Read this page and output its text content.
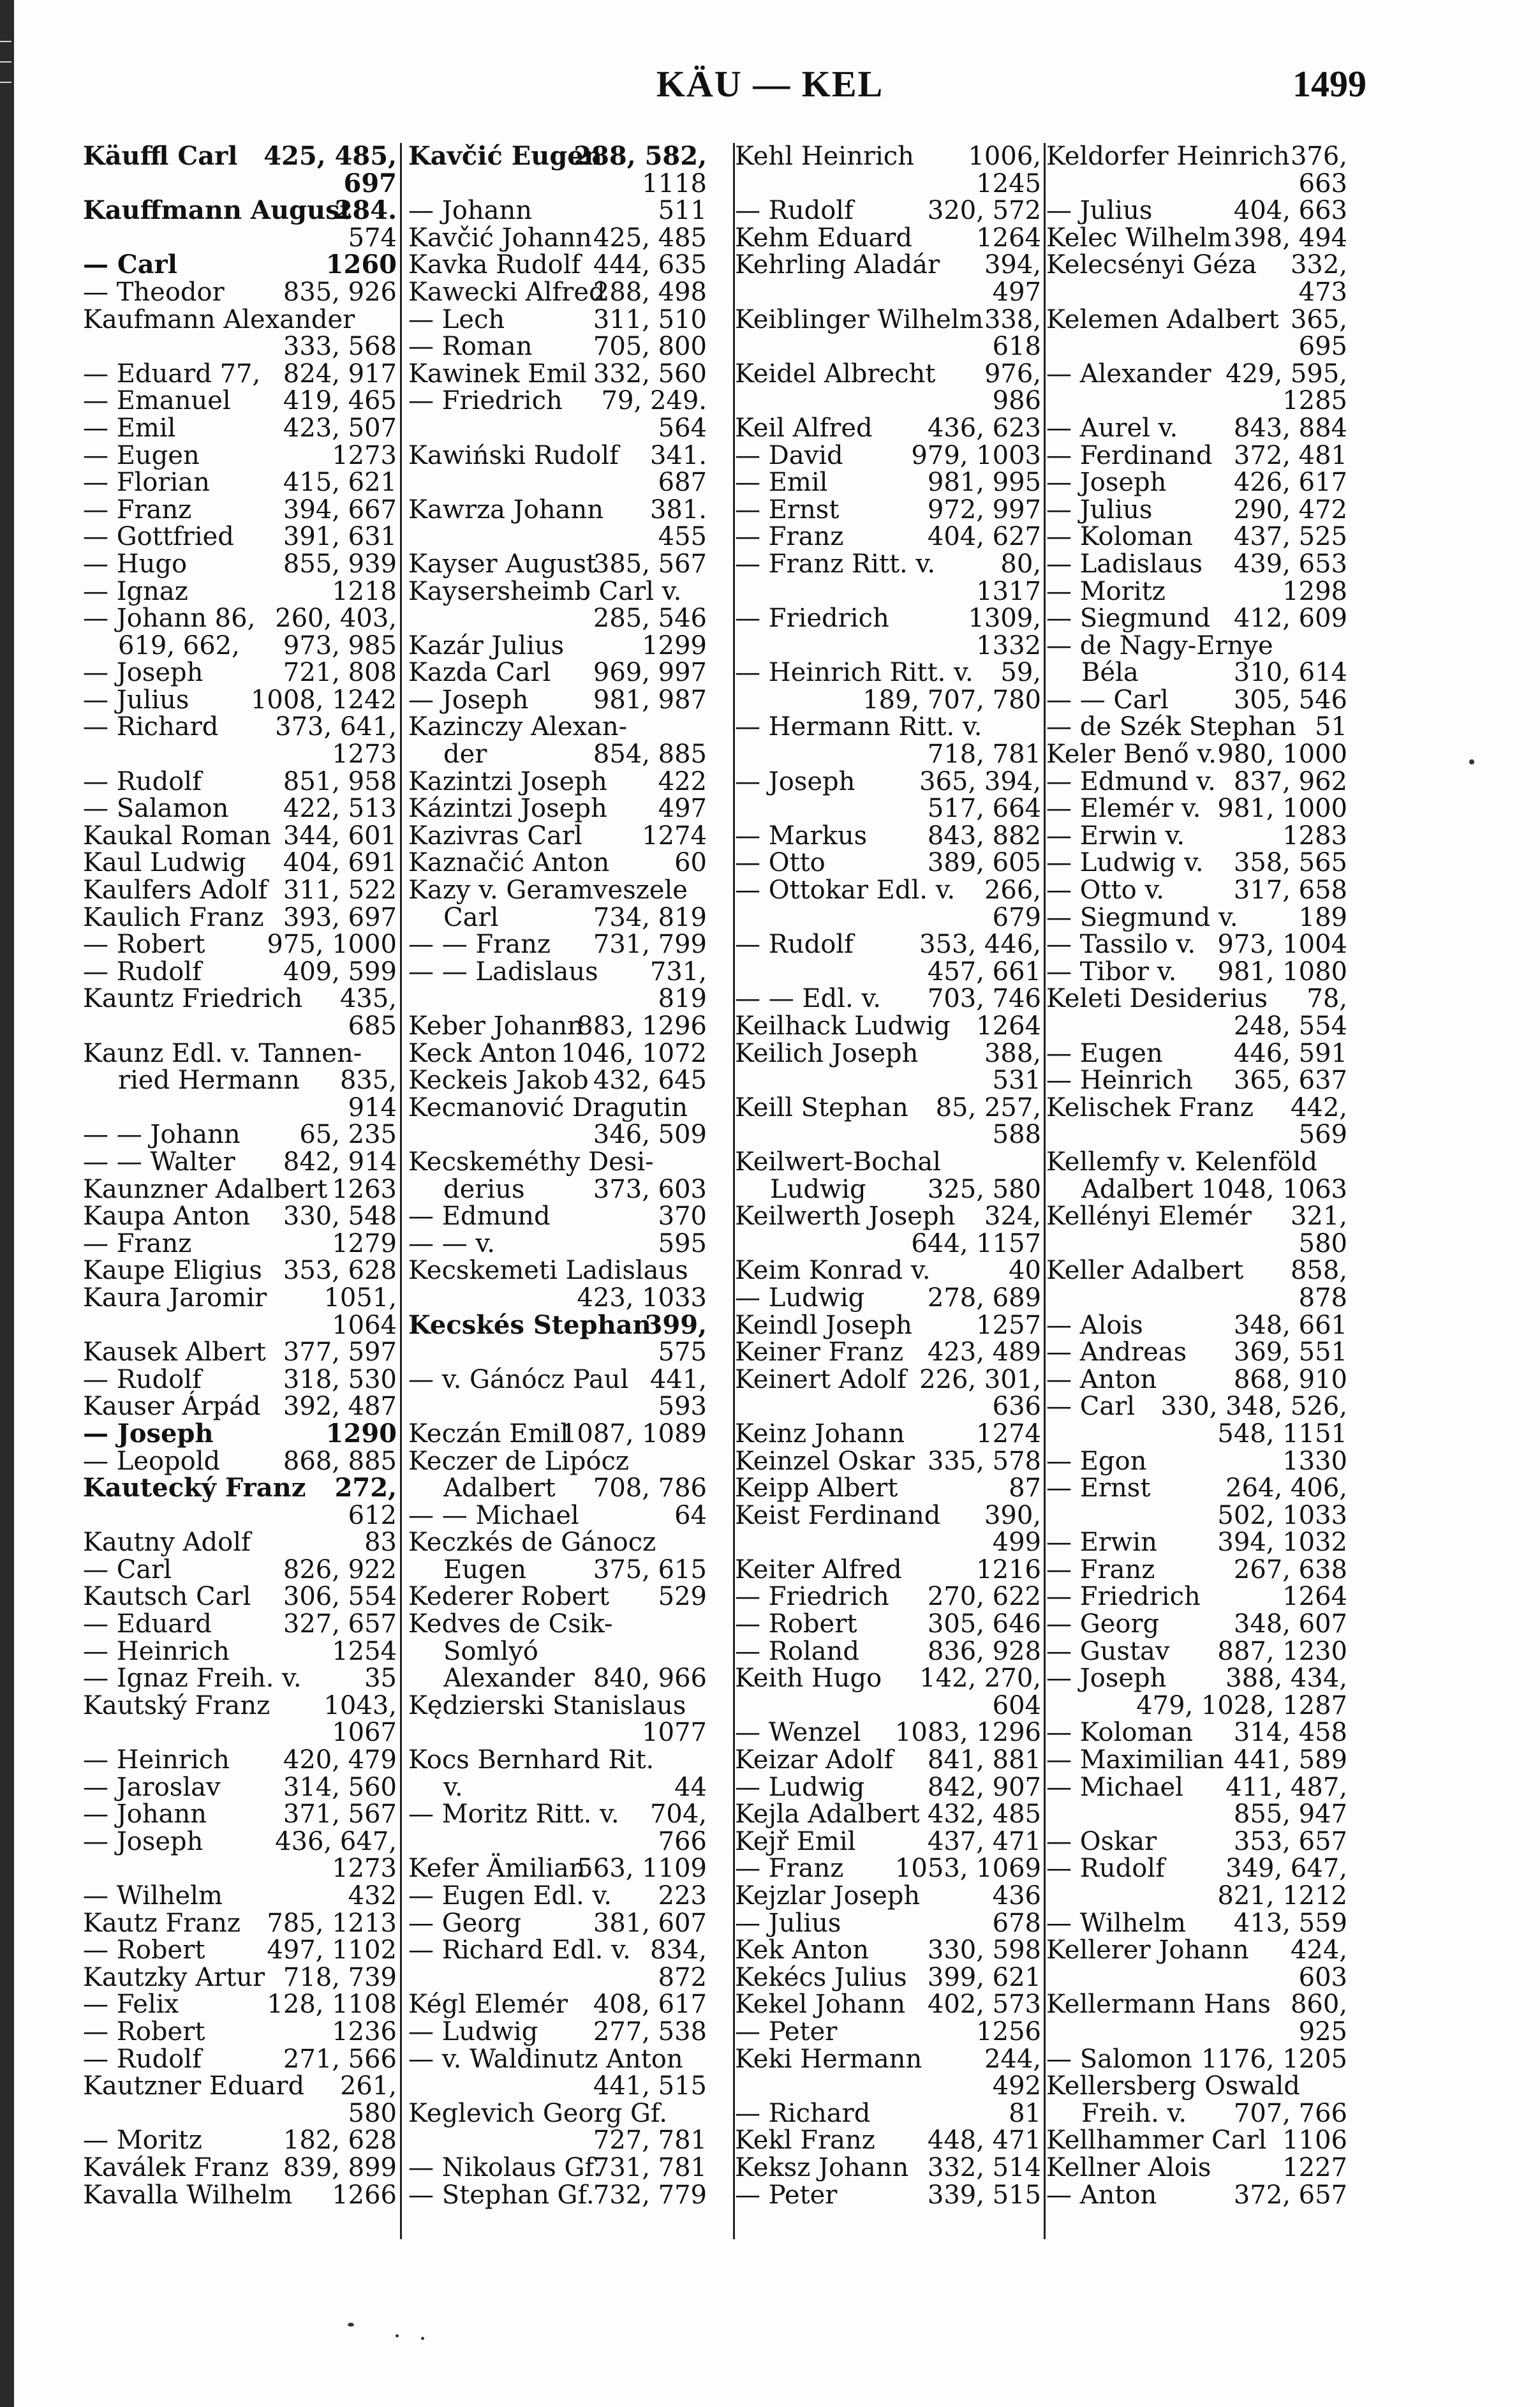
KÄU — KEL	1499
Käuffl Carl 425, 485,
697
Kauffmann August
284.
574
— Carl	1260
— Theodor 835, 926
Kaufmann Alexander
333, 568
— Eduard 77, 824, 917
— Emanuel 419, 465
— Emil	423, 507
— Eugen	1273
— Florian	415, 621
— Franz	394, 667
— Gottfried 391, 631
— Hugo	855, 939
— Ignaz	1218
— Johann 86, 260, 403,
619, 662, 973, 985
— Joseph	721, 808
— Julius 1008, 1242
— Richard 373, 641,
1273
— Rudolf	851, 958
— Salamon 422, 513
Kaukal Roman 344, 601
Kaul Ludwig 404, 691
Kaulfers Adolf 311, 522
Kaulich Franz 393, 697
— Robert 975, 1000
— Rudolf	409, 599
Kauntz Friedrich 435,
685
Kaunz Edl. v. Tannen-
ried Hermann 835,
914
— — Johann 65, 235
— — Walter 842, 914
Kaunzner Adalbert 1263
Kaupa Anton 330, 548
— Franz	1279
Kaupe Eligius 353, 628
Kaura Jaromir 1051,
1064
Kausek Albert 377, 597
— Rudolf	318, 530
Kauser Árpád 392, 487
— Joseph	1290
— Leopold 868, 885
Kautecký Franz 272,
612
Kautny Adolf	83
— Carl	826, 922
Kautsch Carl 306, 554
— Eduard	327, 657
— Heinrich	1254
— Ignaz Freih. v. 35
Kautský Franz 1043,
1067
— Heinrich 420, 479
— Jaroslav 314, 560
— Johann	371, 567
— Joseph	436, 647,
1273
— Wilhelm	432
Kautz Franz 785, 1213
— Robert 497, 1102
Kautzky Artur 718, 739
— Felix	128, 1108
— Robert	1236
— Rudolf	271, 566
Kautzner Eduard 261,
580
— Moritz	182, 628
Kaválek Franz 839, 899
Kavalla Wilhelm 1266
Kavčić Eugen
288, 582,
1118
— Johann	511
Kavčić Johann 425, 485
Kavka Rudolf 444, 635
Kawecki Alfred
288, 498
— Lech	311, 510
— Roman 705, 800
Kawinek Emil 332, 560
— Friedrich 79, 249.
564
Kawiński Rudolf 341.
687
Kawrza Johann 381.
455
Kayser August
385, 567
Kaysersheimb Carl v.
285, 546
Kazár Julius	1299
Kazda Carl 969, 997
— Joseph	981, 987
Kazinczy Alexan-
der	854, 885
Kazintzi Joseph 422
Kázintzi Joseph 497
Kazivras Carl 1274
Kaznačić Anton	60
Kazy v. Geramveszele
Carl	734, 819
— — Franz 731, 799
— — Ladislaus 731,
819
Keber Johann
883, 1296
Keck Anton 1046, 1072
Keckeis Jakob 432, 645
Kecmanović Dragutin
346, 509
Kecskeméthy Desi-
derius	373, 603
— Edmund	370
— — v.	595
Kecskemeti Ladislaus
423, 1033
Kecskés Stephan
399,
575
— v. Gánócz Paul 441,
593
Keczán Emil
1087, 1089
Keczer de Lipócz
Adalbert 708, 786
— — Michael	64
Keczkés de Gánocz
Eugen	375, 615
Kederer Robert 529
Kedves de Csik-
Somlyó
Alexander 840, 966
Kędzierski Stanislaus
1077
Kocs Bernhard Rit.
v.	44
— Moritz Ritt. v. 704,
766
Kefer Ämilian
563, 1109
— Eugen Edl. v. 223
— Georg	381, 607
— Richard Edl. v. 834,
872
Kégl Elemér 408, 617
— Ludwig 277, 538
— v. Waldinutz Anton
441, 515
Keglevich Georg Gf.
727, 781
— Nikolaus Gf.
731, 781
— Stephan Gf.
732, 779
Kehl Heinrich 1006,
1245
— Rudolf	320, 572
Kehm Eduard	1264
Kehrling Aladár 394,
497
Keiblinger Wilhelm 338,
618
Keidel Albrecht 976,
986
Keil Alfred 436, 623
— David	979, 1003
— Emil	981, 995
— Ernst	972, 997
— Franz	404, 627
— Franz Ritt. v.	80,
1317
— Friedrich	1309,
1332
— Heinrich Ritt. v. 59,
189, 707, 780
— Hermann Ritt. v.
718, 781
— Joseph	365, 394,
517, 664
— Markus 843, 882
— Otto	389, 605
— Ottokar Edl. v. 266,
679
— Rudolf	353, 446,
457, 661
— — Edl. v. 703, 746
Keilhack Ludwig 1264
Keilich Joseph	388,
531
Keill Stephan 85, 257,
588
Keilwert-Bochal
Ludwig 325, 580
Keilwerth Joseph 324,
644, 1157
Keim Konrad v.	40
— Ludwig 278, 689
Keindl Joseph	1257
Keiner Franz 423, 489
Keinert Adolf 226, 301,
636
Keinz Johann	1274
Keinzel Oskar 335, 578
Keipp Albert	87
Keist Ferdinand 390,
499
Keiter Alfred	1216
— Friedrich 270, 622
— Robert	305, 646
— Roland	836, 928
Keith Hugo 142, 270,
604
— Wenzel 1083, 1296
Keizar Adolf 841, 881
— Ludwig 842, 907
Kejla Adalbert 432, 485
Kejř Emil	437, 471
— Franz 1053, 1069
Kejzlar Joseph	436
— Julius	678
Kek Anton 330, 598
Kekécs Julius 399, 621
Kekel Johann 402, 573
— Peter	1256
Keki Hermann 244,
492
— Richard	81
Kekl Franz 448, 471
Keksz Johann 332, 514
— Peter	339, 515
Keldorfer Heinrich 376,
663
— Julius	404, 663
Kelec Wilhelm 398, 494
Kelecsényi Géza 332,
473
Kelemen Adalbert 365,
695
— Alexander 429, 595,
1285
— Aurel v. 843, 884
— Ferdinand 372, 481
— Joseph	426, 617
— Julius	290, 472
— Koloman 437, 525
— Ladislaus 439, 653
— Moritz	1298
— Siegmund 412, 609
— de Nagy-Ernye
Béla	310, 614
— — Carl	305, 546
— de Szék Stephan 51
Keler Benő v. 980, 1000
— Edmund v. 837, 962
— Elemér v. 981, 1000
— Erwin v.	1283
— Ludwig v. 358, 565
— Otto v.	317, 658
— Siegmund v. 189
— Tassilo v. 973, 1004
— Tibor v. 981, 1080
Keleti Desiderius 78,
248, 554
— Eugen	446, 591
— Heinrich 365, 637
Kelischek Franz 442,
569
Kellemfy v. Kelenföld
Adalbert 1048, 1063
Kellényi Elemér 321,
580
Keller Adalbert 858,
878
— Alois	348, 661
— Andreas 369, 551
— Anton	868, 910
— Carl 330, 348, 526,
548, 1151
— Egon	1330
— Ernst	264, 406,
502, 1033
— Erwin 394, 1032
— Franz	267, 638
— Friedrich	1264
— Georg	348, 607
— Gustav 887, 1230
— Joseph 388, 434,
479, 1028, 1287
— Koloman 314, 458
— Maximilian 441, 589
— Michael 411, 487,
855, 947
— Oskar	353, 657
— Rudolf 349, 647,
821, 1212
— Wilhelm 413, 559
Kellerer Johann 424,
603
Kellermann Hans 860,
925
— Salomon 1176, 1205
Kellersberg Oswald
Freih. v. 707, 766
Kellhammer Carl 1106
Kellner Alois	1227
— Anton	372, 657
